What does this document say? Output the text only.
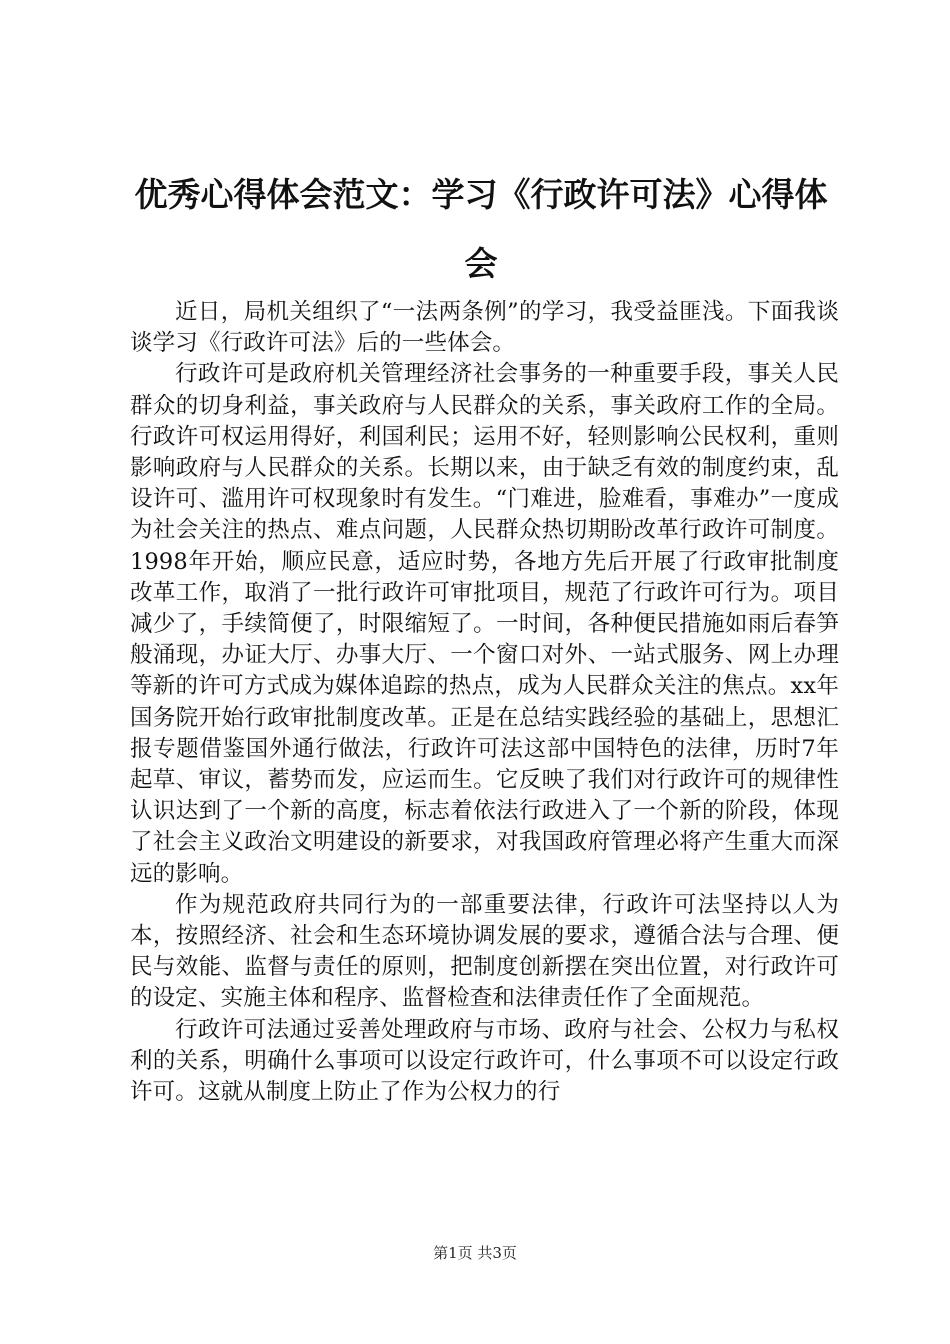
优秀心得体会范文：学习《行政许可法》心得体会

近日，局机关组织了“一法两条例”的学习，我受益匪浅。下面我谈谈学习《行政许可法》后的一些体会。

行政许可是政府机关管理经济社会事务的一种重要手段，事关人民群众的切身利益，事关政府与人民群众的关系，事关政府工作的全局。行政许可权运用得好，利国利民；运用不好，轻则影响公民权利，重则影响政府与人民群众的关系。长期以来，由于缺乏有效的制度约束，乱设许可、滥用许可权现象时有发生。“门难进，脸难看，事难办”一度成为社会关注的热点、难点问题，人民群众热切期盼改革行政许可制度。1998年开始，顺应民意，适应时势，各地方先后开展了行政审批制度改革工作，取消了一批行政许可审批项目，规范了行政许可行为。项目减少了，手续简便了，时限缩短了。一时间，各种便民措施如雨后春笋般涌现，办证大厅、办事大厅、一个窗口对外、一站式服务、网上办理等新的许可方式成为媒体追踪的热点，成为人民群众关注的焦点。xx年国务院开始行政审批制度改革。正是在总结实践经验的基础上，思想汇报专题借鉴国外通行做法，行政许可法这部中国特色的法律，历时7年起草、审议，蓄势而发，应运而生。它反映了我们对行政许可的规律性认识达到了一个新的高度，标志着依法行政进入了一个新的阶段，体现了社会主义政治文明建设的新要求，对我国政府管理必将产生重大而深远的影响。

作为规范政府共同行为的一部重要法律，行政许可法坚持以人为本，按照经济、社会和生态环境协调发展的要求，遵循合法与合理、便民与效能、监督与责任的原则，把制度创新摆在突出位置，对行政许可的设定、实施主体和程序、监督检查和法律责任作了全面规范。

行政许可法通过妥善处理政府与市场、政府与社会、公权力与私权利的关系，明确什么事项可以设定行政许可，什么事项不可以设定行政许可。这就从制度上防止了作为公权力的行

第1页 共3页
